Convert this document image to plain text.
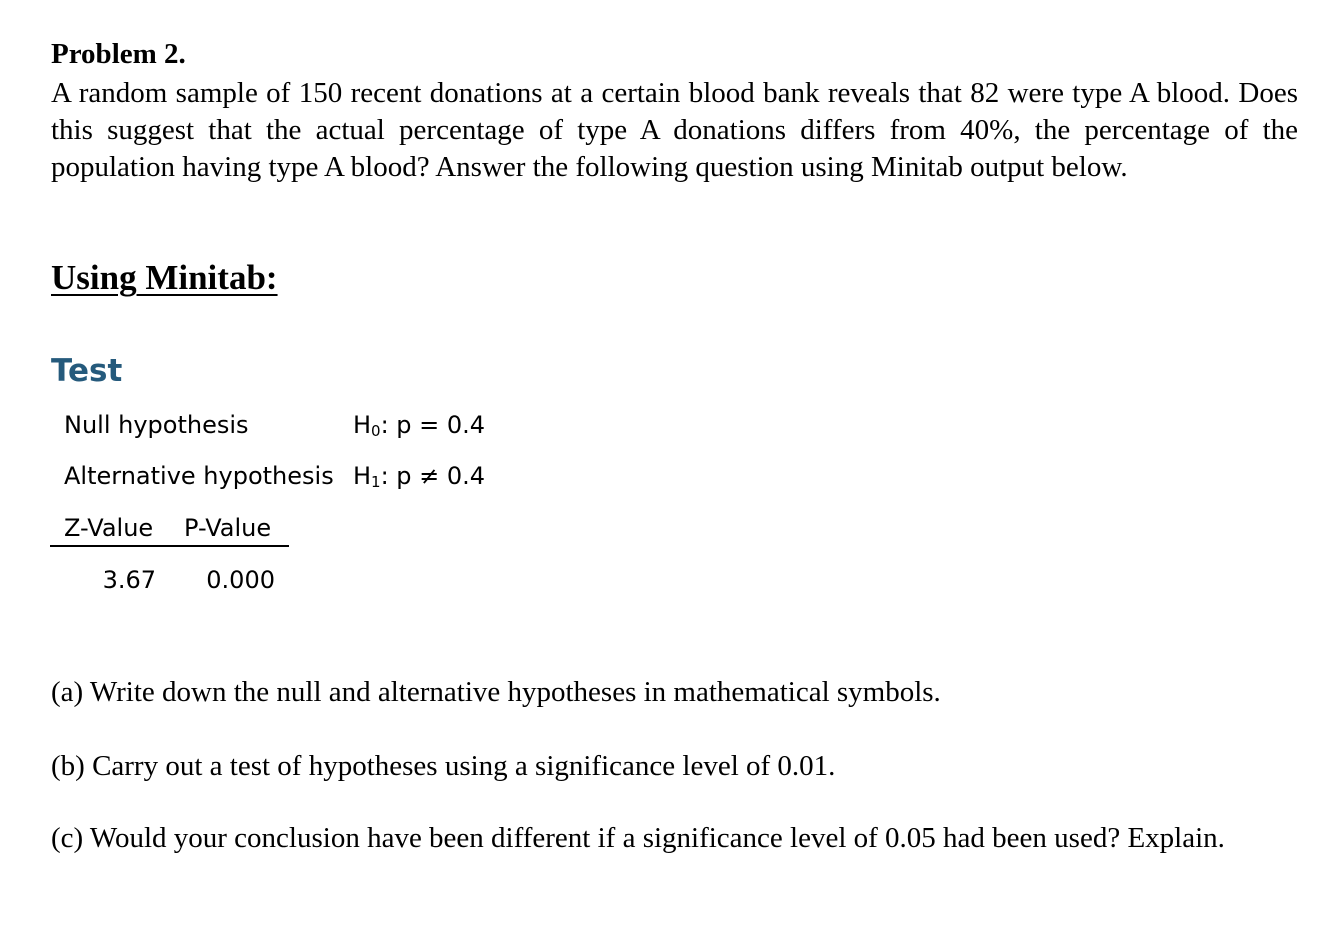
Problem 2.
A random sample of 150 recent donations at a certain blood bank reveals that 82 were type A blood. Does this suggest that the actual percentage of type A donations differs from 40%, the percentage of the population having type A blood? Answer the following question using Minitab output below.
Using Minitab:
Test
Null hypothesis	$H_0$: p = 0.4
Alternative hypothesis $H_1$: p ≠ 0.4
Z-Value P-Value
3.67	0.000
(a) Write down the null and alternative hypotheses in mathematical symbols.
(b) Carry out a test of hypotheses using a significance level of 0.01.
(c) Would your conclusion have been different if a significance level of 0.05 had been used? Explain.
